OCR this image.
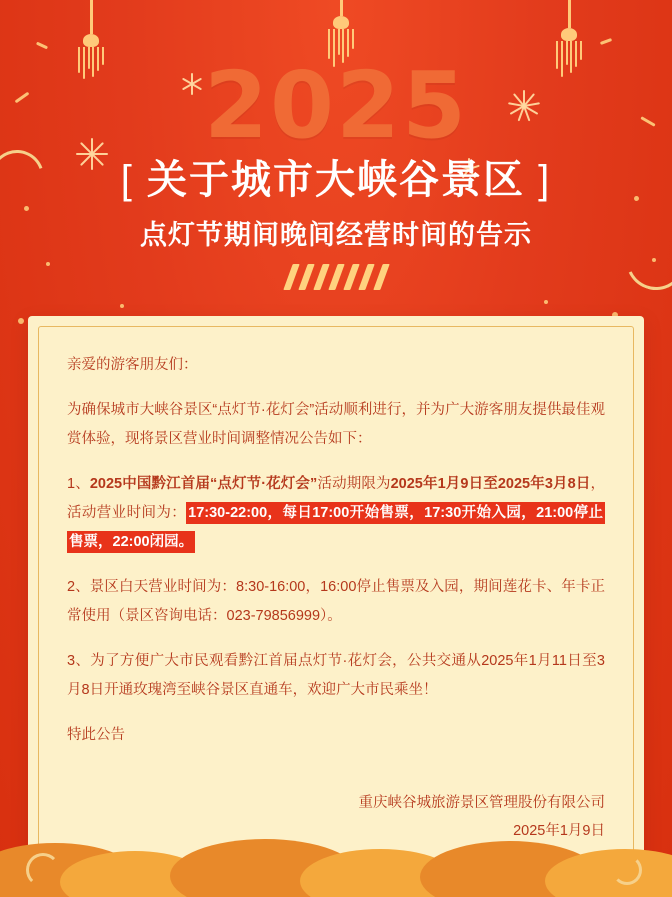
2025
[ 关于城市大峡谷景区 ]
点灯节期间晚间经营时间的告示

亲爱的游客朋友们：

为确保城市大峡谷景区“点灯节·花灯会”活动顺利进行，并为广大游客朋友提供最佳观赏体验，现将景区营业时间调整情况公告如下：

1、2025中国黔江首届“点灯节·花灯会”活动期限为2025年1月9日至2025年3月8日，活动营业时间为： 17:30-22:00，每日17:00开始售票，17:30开始入园，21:00停止售票，22:00闭园。

2、景区白天营业时间为：8:30-16:00，16:00停止售票及入园，期间莲花卡、年卡正常使用（景区咨询电话：023-79856999）。

3、为了方便广大市民观看黔江首届点灯节·花灯会，公共交通从2025年1月11日至3月8日开通玫瑰湾至峡谷景区直通车，欢迎广大市民乘坐！

特此公告

重庆峡谷城旅游景区管理股份有限公司
2025年1月9日
